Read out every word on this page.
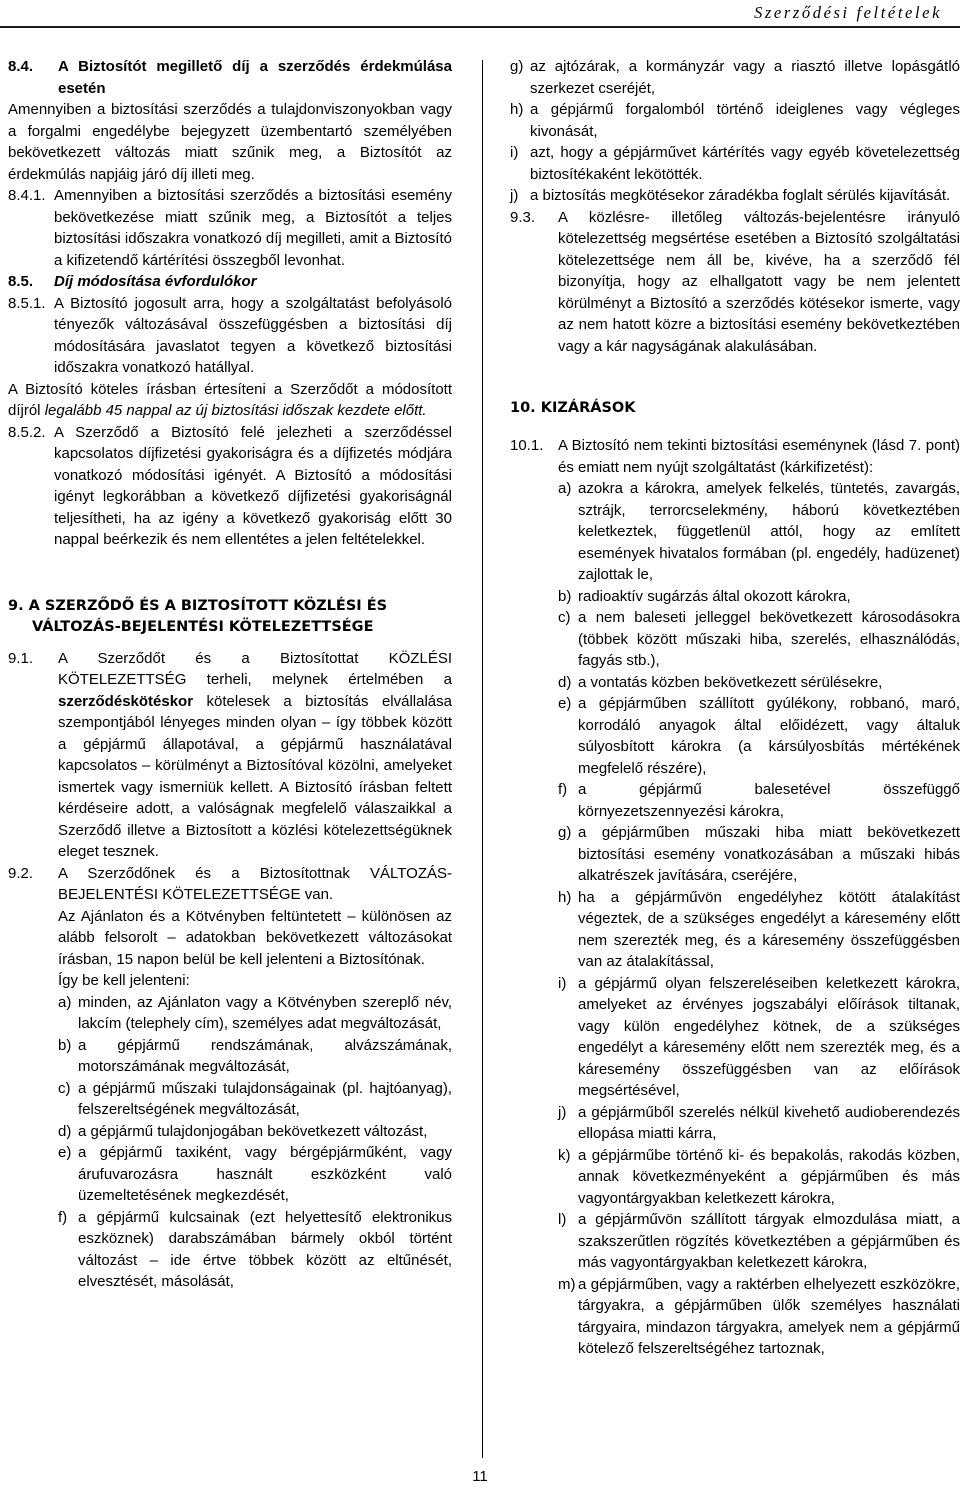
Szerződési feltételek
8.4.	A Biztosítót megillető díj a szerződés érdekmúlása esetén
Amennyiben a biztosítási szerződés a tulajdonviszonyokban vagy a forgalmi engedélybe bejegyzett üzembentartó személyében bekövetkezett változás miatt szűnik meg, a Biztosítót az érdekmúlás napjáig járó díj illeti meg.
8.4.1. Amennyiben a biztosítási szerződés a biztosítási esemény bekövetkezése miatt szűnik meg, a Biztosítót a teljes biztosítási időszakra vonatkozó díj megilleti, amit a Biztosító a kifizetendő kártérítési összegből levonhat.
8.5.	Díj módosítása évfordulókor
8.5.1. A Biztosító jogosult arra, hogy a szolgáltatást befolyásoló tényezők változásával összefüggésben a biztosítási díj módosítására javaslatot tegyen a következő biztosítási időszakra vonatkozó hatállyal.
A Biztosító köteles írásban értesíteni a Szerződőt a módosított díjról legalább 45 nappal az új biztosítási időszak kezdete előtt.
8.5.2. A Szerződő a Biztosító felé jelezheti a szerződéssel kapcsolatos díjfizetési gyakoriságra és a díjfizetés módjára vonatkozó módosítási igényét. A Biztosító a módosítási igényt legkorábban a következő díjfizetési gyakoriságnál teljesítheti, ha az igény a következő gyakoriság előtt 30 nappal beérkezik és nem ellentétes a jelen feltételekkel.
9. A SZERZŐDŐ ÉS A BIZTOSÍTOTT KÖZLÉSI ÉS
VÁLTOZÁS-BEJELENTÉSI KÖTELEZETTSÉGE
9.1.	A Szerződőt és a Biztosítottat KÖZLÉSI KÖTELEZETTSÉG terheli, melynek értelmében a szerződéskötéskor kötelesek a biztosítás elvállalása szempontjából lényeges minden olyan – így többek között a gépjármű állapotával, a gépjármű használatával kapcsolatos – körülményt a Biztosítóval közölni, amelyeket ismertek vagy ismerniük kellett. A Biztosító írásban feltett kérdéseire adott, a valóságnak megfelelő válaszaikkal a Szerződő illetve a Biztosított a közlési kötelezettségüknek eleget tesznek.
9.2.	A Szerződőnek és a Biztosítottnak VÁLTOZÁS-BEJELENTÉSI KÖTELEZETTSÉGE van.
Az Ajánlaton és a Kötvényben feltüntetett – különösen az alább felsorolt – adatokban bekövetkezett változásokat írásban, 15 napon belül be kell jelenteni a Biztosítónak.
Így be kell jelenteni:
a) minden, az Ajánlaton vagy a Kötvényben szereplő név, lakcím (telephely cím), személyes adat megváltozását,
b) a gépjármű rendszámának, alvázszámának, motorszámának megváltozását,
c) a gépjármű műszaki tulajdonságainak (pl. hajtóanyag), felszereltségének megváltozását,
d) a gépjármű tulajdonjogában bekövetkezett változást,
e) a gépjármű taxiként, vagy bérgépjárműként, vagy árufuvarozásra használt eszközként való üzemeltetésének megkezdését,
f) a gépjármű kulcsainak (ezt helyettesítő elektronikus eszköznek) darabszámában bármely okból történt változást – ide értve többek között az eltűnését, elvesztését, másolását,
g) az ajtózárak, a kormányzár vagy a riasztó illetve lopásgátló szerkezet cseréjét,
h) a gépjármű forgalomból történő ideiglenes vagy végleges kivonását,
i) azt, hogy a gépjárművet kártérítés vagy egyéb követelezettség biztosítékaként lekötötték.
j) a biztosítás megkötésekor záradékba foglalt sérülés kijavítását.
9.3.	A közlésre- illetőleg változás-bejelentésre irányuló kötelezettség megsértése esetében a Biztosító szolgáltatási kötelezettsége nem áll be, kivéve, ha a szerződő fél bizonyítja, hogy az elhallgatott vagy be nem jelentett körülményt a Biztosító a szerződés kötésekor ismerte, vagy az nem hatott közre a biztosítási esemény bekövetkeztében vagy a kár nagyságának alakulásában.
10. KIZÁRÁSOK
10.1. A Biztosító nem tekinti biztosítási eseménynek (lásd 7. pont) és emiatt nem nyújt szolgáltatást (kárkifizetést):
a) azokra a károkra, amelyek felkelés, tüntetés, zavargás, sztrájk, terrorcselekmény, háború következtében keletkeztek, függetlenül attól, hogy az említett események hivatalos formában (pl. engedély, hadüzenet) zajlottak le,
b) radioaktív sugárzás által okozott károkra,
c) a nem baleseti jelleggel bekövetkezett károsodásokra (többek között műszaki hiba, szerelés, elhasználódás, fagyás stb.),
d) a vontatás közben bekövetkezett sérülésekre,
e) a gépjárműben szállított gyúlékony, robbanó, maró, korrodáló anyagok által előidézett, vagy általuk súlyosbított károkra (a kársúlyosbítás mértékének megfelelő részére),
f) a gépjármű balesetével összefüggő környezetszennyezési károkra,
g) a gépjárműben műszaki hiba miatt bekövetkezett biztosítási esemény vonatkozásában a műszaki hibás alkatrészek javítására, cseréjére,
h) ha a gépjárművön engedélyhez kötött átalakítást végeztek, de a szükséges engedélyt a káresemény előtt nem szerezték meg, és a káresemény összefüggésben van az átalakítással,
i) a gépjármű olyan felszereléseiben keletkezett károkra, amelyeket az érvényes jogszabályi előírások tiltanak, vagy külön engedélyhez kötnek, de a szükséges engedélyt a káresemény előtt nem szerezték meg, és a káresemény összefüggésben van az előírások megsértésével,
j) a gépjárműből szerelés nélkül kivehető audioberendezés ellopása miatti kárra,
k) a gépjárműbe történő ki- és bepakolás, rakodás közben, annak következményeként a gépjárműben és más vagyontárgyakban keletkezett károkra,
l) a gépjárművön szállított tárgyak elmozdulása miatt, a szakszerűtlen rögzítés következtében a gépjárműben és más vagyontárgyakban keletkezett károkra,
m) a gépjárműben, vagy a raktérben elhelyezett eszközökre, tárgyakra, a gépjárműben ülők személyes használati tárgyaira, mindazon tárgyakra, amelyek nem a gépjármű kötelező felszereltségéhez tartoznak,
11
